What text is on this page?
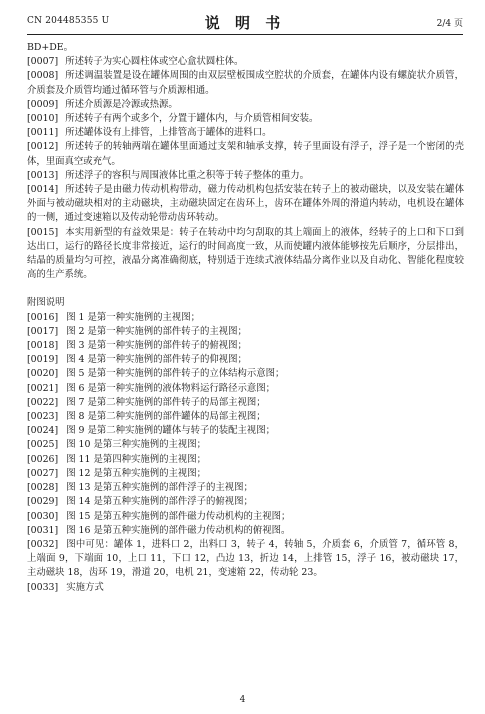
CN 204485355 U	说 明 书	2/4 页

BD+DE。

[0007] 所述转子为实心圆柱体或空心盒状圆柱体。

[0008] 所述调温装置是设在罐体周围的由双层壁板围成空腔状的介质套，在罐体内设有螺旋状介质管，介质套及介质管均通过循环管与介质源相通。

[0009] 所述介质源是冷源或热源。

[0010] 所述转子有两个或多个，分置于罐体内，与介质管相间安装。

[0011] 所述罐体设有上排管，上排管高于罐体的进料口。

[0012] 所述转子的转轴两端在罐体里面通过支架和轴承支撑，转子里面设有浮子，浮子是一个密闭的壳体，里面真空或充气。

[0013] 所述浮子的容积与周围液体比重之积等于转子整体的重力。

[0014] 所述转子是由磁力传动机构带动，磁力传动机构包括安装在转子上的被动磁块，以及安装在罐体外面与被动磁块相对的主动磁块，主动磁块固定在齿环上，齿环在罐体外周的滑道内转动，电机设在罐体的一侧，通过变速箱以及传动轮带动齿环转动。

[0015] 本实用新型的有益效果是：转子在转动中均匀刮取的其上端面上的液体，经转子的上口和下口到达出口，运行的路径长度非常接近，运行的时间高度一致，从而使罐内液体能够按先后顺序，分层排出，结晶的质量均匀可控，液晶分离准确彻底，特别适于连续式液体结晶分离作业以及自动化、智能化程度较高的生产系统。

附图说明

[0016] 图 1 是第一种实施例的主视图；

[0017] 图 2 是第一种实施例的部件转子的主视图；

[0018] 图 3 是第一种实施例的部件转子的俯视图；

[0019] 图 4 是第一种实施例的部件转子的仰视图；

[0020] 图 5 是第一种实施例的部件转子的立体结构示意图；

[0021] 图 6 是第一种实施例的液体物料运行路径示意图；

[0022] 图 7 是第二种实施例的部件转子的局部主视图；

[0023] 图 8 是第二种实施例的部件罐体的局部主视图；

[0024] 图 9 是第二种实施例的罐体与转子的装配主视图；

[0025] 图 10 是第三种实施例的主视图；

[0026] 图 11 是第四种实施例的主视图；

[0027] 图 12 是第五种实施例的主视图；

[0028] 图 13 是第五种实施例的部件浮子的主视图；

[0029] 图 14 是第五种实施例的部件浮子的俯视图；

[0030] 图 15 是第五种实施例的部件磁力传动机构的主视图；

[0031] 图 16 是第五种实施例的部件磁力传动机构的俯视图。

[0032] 图中可见：罐体 1，进料口 2，出料口 3，转子 4，转轴 5，介质套 6，介质管 7，循环管 8，上端面 9，下端面 10，上口 11，下口 12，凸边 13，折边 14，上排管 15，浮子 16，被动磁块 17，主动磁块 18，齿环 19，滑道 20，电机 21，变速箱 22，传动轮 23。

[0033] 实施方式

4
